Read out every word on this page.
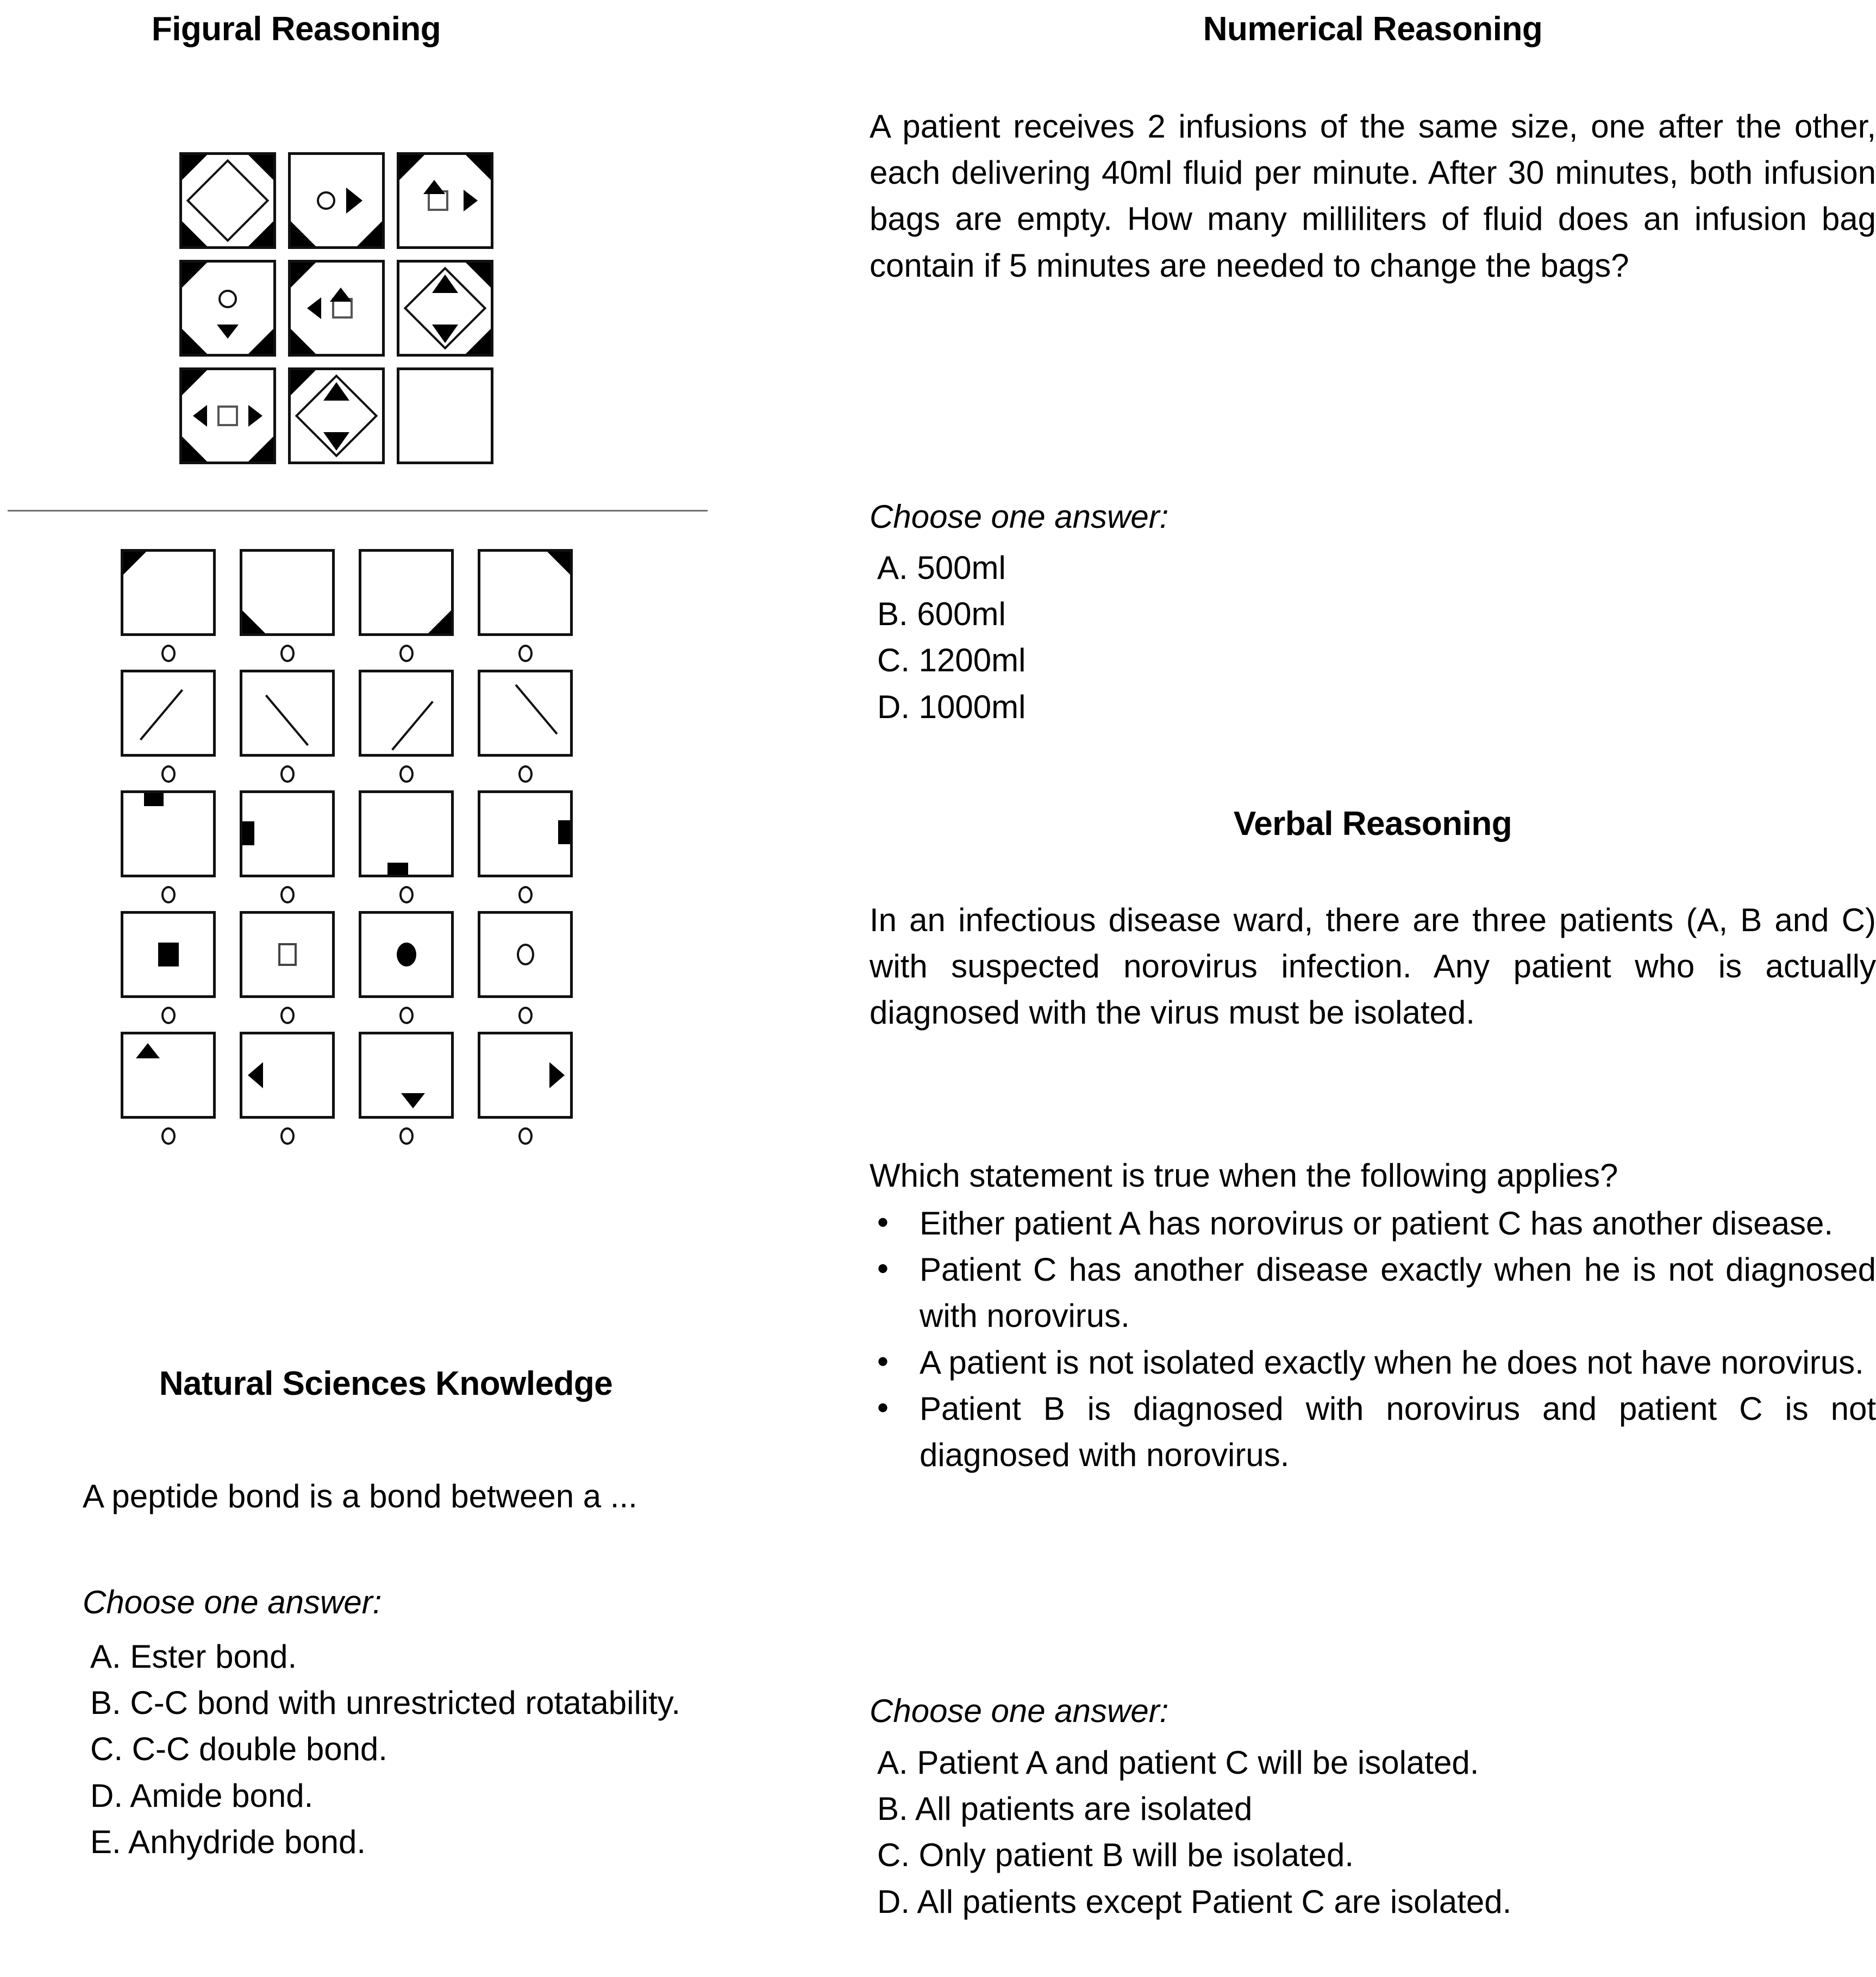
Figural Reasoning
Natural Sciences Knowledge
A peptide bond is a bond between a ...
Choose one answer:
A. Ester bond.
B. C-C bond with unrestricted rotatability.
C. C-C double bond.
D. Amide bond.
E. Anhydride bond.
Numerical Reasoning
A patient receives 2 infusions of the same size, one after the other, each delivering 40ml fluid per minute. After 30 minutes, both infusion bags are empty. How many milliliters of fluid does an infusion bag contain if 5 minutes are needed to change the bags?
Choose one answer:
A. 500ml
B. 600ml
C. 1200ml
D. 1000ml
Verbal Reasoning
In an infectious disease ward, there are three patients (A, B and C) with suspected norovirus infection. Any patient who is actually diagnosed with the virus must be isolated.
Which statement is true when the following applies?
• Either patient A has norovirus or patient C has another disease.
• Patient C has another disease exactly when he is not diagnosed with norovirus.
• A patient is not isolated exactly when he does not have norovirus.
• Patient B is diagnosed with norovirus and patient C is not diagnosed with norovirus.
Choose one answer:
A. Patient A and patient C will be isolated.
B. All patients are isolated
C. Only patient B will be isolated.
D. All patients except Patient C are isolated.
